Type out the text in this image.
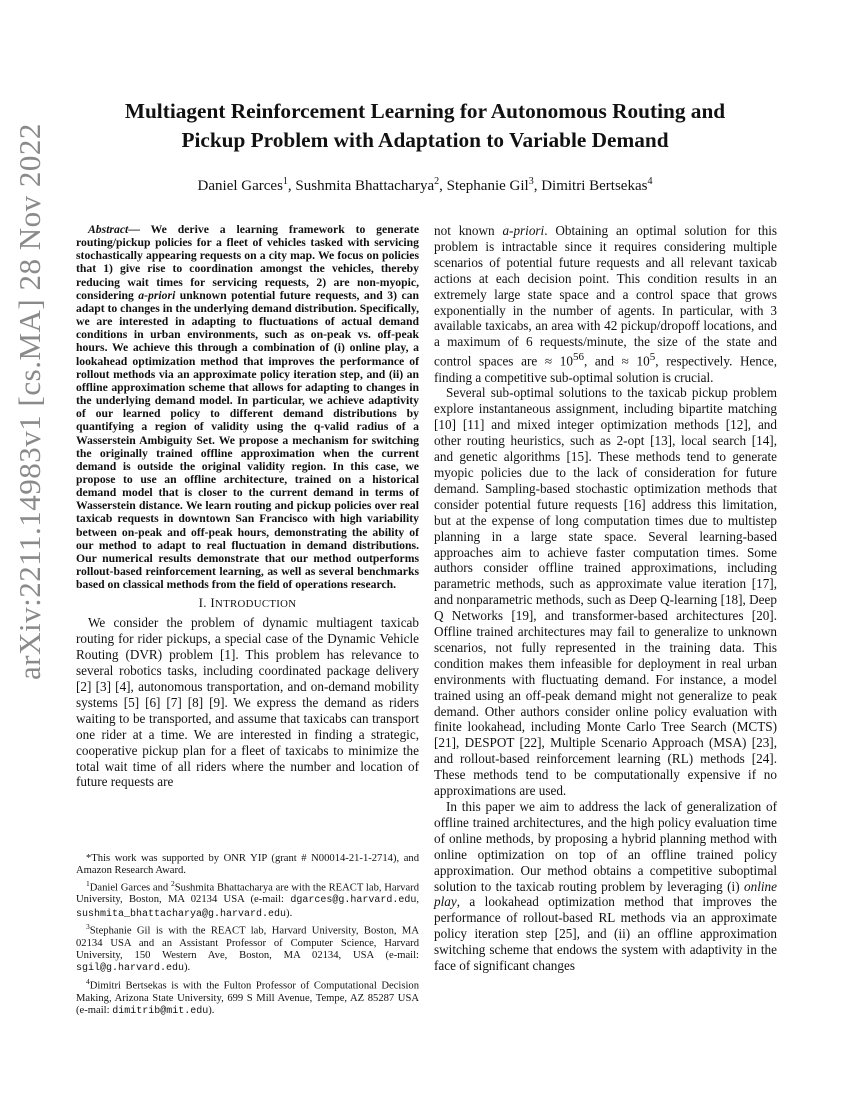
arXiv:2211.14983v1 [cs.MA] 28 Nov 2022
Multiagent Reinforcement Learning for Autonomous Routing and
Pickup Problem with Adaptation to Variable Demand
Daniel Garces$^1$, Sushmita Bhattacharya$^2$, Stephanie Gil$^3$, Dimitri Bertsekas$^4$

Abstract— We derive a learning framework to generate routing/pickup policies for a fleet of vehicles tasked with servicing stochastically appearing requests on a city map. We focus on policies that 1) give rise to coordination amongst the vehicles, thereby reducing wait times for servicing requests, 2) are non-myopic, considering a-priori unknown potential future requests, and 3) can adapt to changes in the underlying demand distribution. Specifically, we are interested in adapting to fluctuations of actual demand conditions in urban environments, such as on-peak vs. off-peak hours. We achieve this through a combination of (i) online play, a lookahead optimization method that improves the performance of rollout methods via an approximate policy iteration step, and (ii) an offline approximation scheme that allows for adapting to changes in the underlying demand model. In particular, we achieve adaptivity of our learned policy to different demand distributions by quantifying a region of validity using the q-valid radius of a Wasserstein Ambiguity Set. We propose a mechanism for switching the originally trained offline approximation when the current demand is outside the original validity region. In this case, we propose to use an offline architecture, trained on a historical demand model that is closer to the current demand in terms of Wasserstein distance. We learn routing and pickup policies over real taxicab requests in downtown San Francisco with high variability between on-peak and off-peak hours, demonstrating the ability of our method to adapt to real fluctuation in demand distributions. Our numerical results demonstrate that our method outperforms rollout-based reinforcement learning, as well as several benchmarks based on classical methods from the field of operations research.

I. INTRODUCTION

We consider the problem of dynamic multiagent taxicab routing for rider pickups, a special case of the Dynamic Vehicle Routing (DVR) problem [1]. This problem has relevance to several robotics tasks, including coordinated package delivery [2] [3] [4], autonomous transportation, and on-demand mobility systems [5] [6] [7] [8] [9]. We express the demand as riders waiting to be transported, and assume that taxicabs can transport one rider at a time. We are interested in finding a strategic, cooperative pickup plan for a fleet of taxicabs to minimize the total wait time of all riders where the number and location of future requests are

*This work was supported by ONR YIP (grant # N00014-21-1-2714), and Amazon Research Award.

$^1$Daniel Garces and $^2$Sushmita Bhattacharya are with the REACT lab, Harvard University, Boston, MA 02134 USA (e-mail: dgarces@g.harvard.edu, sushmita_bhattacharya@g.harvard.edu).

$^3$Stephanie Gil is with the REACT lab, Harvard University, Boston, MA 02134 USA and an Assistant Professor of Computer Science, Harvard University, 150 Western Ave, Boston, MA 02134, USA (e-mail: sgil@g.harvard.edu).

$^4$Dimitri Bertsekas is with the Fulton Professor of Computational Decision Making, Arizona State University, 699 S Mill Avenue, Tempe, AZ 85287 USA (e-mail: dimitrib@mit.edu).

not known a-priori. Obtaining an optimal solution for this problem is intractable since it requires considering multiple scenarios of potential future requests and all relevant taxicab actions at each decision point. This condition results in an extremely large state space and a control space that grows exponentially in the number of agents. In particular, with 3 available taxicabs, an area with 42 pickup/dropoff locations, and a maximum of 6 requests/minute, the size of the state and control spaces are ≈ $10^{56}$, and ≈ $10^5$, respectively. Hence, finding a competitive sub-optimal solution is crucial.

Several sub-optimal solutions to the taxicab pickup problem explore instantaneous assignment, including bipartite matching [10] [11] and mixed integer optimization methods [12], and other routing heuristics, such as 2-opt [13], local search [14], and genetic algorithms [15]. These methods tend to generate myopic policies due to the lack of consideration for future demand. Sampling-based stochastic optimization methods that consider potential future requests [16] address this limitation, but at the expense of long computation times due to multistep planning in a large state space. Several learning-based approaches aim to achieve faster computation times. Some authors consider offline trained approximations, including parametric methods, such as approximate value iteration [17], and nonparametric methods, such as Deep Q-learning [18], Deep Q Networks [19], and transformer-based architectures [20]. Offline trained architectures may fail to generalize to unknown scenarios, not fully represented in the training data. This condition makes them infeasible for deployment in real urban environments with fluctuating demand. For instance, a model trained using an off-peak demand might not generalize to peak demand. Other authors consider online policy evaluation with finite lookahead, including Monte Carlo Tree Search (MCTS) [21], DESPOT [22], Multiple Scenario Approach (MSA) [23], and rollout-based reinforcement learning (RL) methods [24]. These methods tend to be computationally expensive if no approximations are used.

In this paper we aim to address the lack of generalization of offline trained architectures, and the high policy evaluation time of online methods, by proposing a hybrid planning method with online optimization on top of an offline trained policy approximation. Our method obtains a competitive suboptimal solution to the taxicab routing problem by leveraging (i) online play, a lookahead optimization method that improves the performance of rollout-based RL methods via an approximate policy iteration step [25], and (ii) an offline approximation switching scheme that endows the system with adaptivity in the face of significant changes
